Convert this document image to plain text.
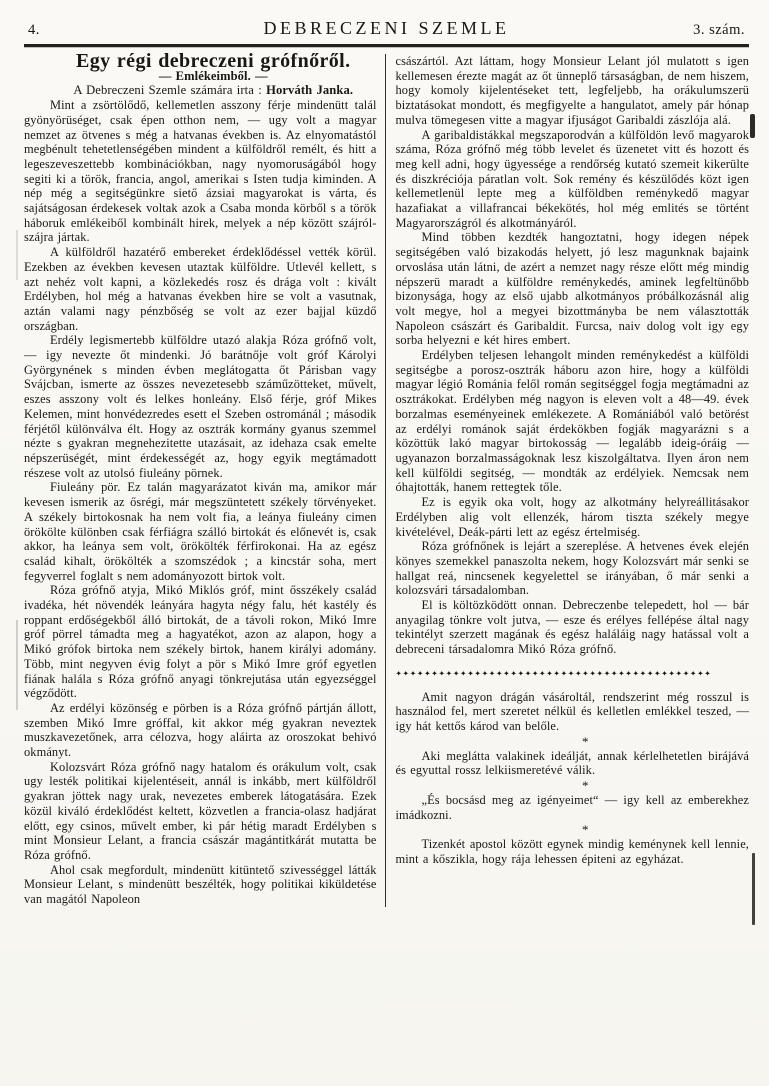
4.	DEBRECZENI SZEMLE	3. szám.

Egy régi debreczeni grófnőről.

— Emlékeimből. —

A Debreczeni Szemle számára irta : Horváth Janka.

Mint a zsörtölődő, kellemetlen asszony férje mindenütt talál gyönyörüséget, csak épen otthon nem, — ugy volt a magyar nemzet az ötvenes s még a hatvanas években is. Az elnyomatástól megbénult tehetetlenségében mindent a külföldről remélt, és hitt a legeszeveszettebb kombinációkban, nagy nyomoruságából hogy segiti ki a török, francia, angol, amerikai s Isten tudja kiminden. A nép még a segitségünkre siető ázsiai magyarokat is várta, és sajátságosan érdekesek voltak azok a Csaba monda körből s a török háboruk emlékeiből kombinált hirek, melyek a nép között szájról-szájra jártak.

A külföldről hazatérő embereket érdeklődéssel vették körül. Ezekben az években kevesen utaztak külföldre. Utlevél kellett, s azt nehéz volt kapni, a közlekedés rosz és drága volt : kivált Erdélyben, hol még a hatvanas években hire se volt a vasutnak, aztán valami nagy pénzbőség se volt az ezer bajjal küzdő országban.

Erdély legismertebb külföldre utazó alakja Róza grófnő volt, — igy nevezte őt mindenki. Jó barátnője volt gróf Károlyi Györgynének s minden évben meglátogatta őt Párisban vagy Svájcban, ismerte az összes nevezetesebb száműzötteket, művelt, eszes asszony volt és lelkes honleány. Első férje, gróf Mikes Kelemen, mint honvédezredes esett el Szeben ostrománál ; második férjétől különválva élt. Hogy az osztrák kormány gyanus szemmel nézte s gyakran megnehezitette utazásait, az idehaza csak emelte népszerüségét, mint érdekességét az, hogy egyik megtámadott részese volt az utolsó fiuleány pörnek.

Fiuleány pör. Ez talán magyarázatot kiván ma, amikor már kevesen ismerik az ősrégi, már megszüntetett székely törvényeket. A székely birtokosnak ha nem volt fia, a leánya fiuleány cimen örökölte különben csak férfiágra szálló birtokát és előnevét is, csak akkor, ha leánya sem volt, örökölték férfirokonai. Ha az egész család kihalt, örökölték a szomszédok ; a kincstár soha, mert fegyverrel foglalt s nem adományozott birtok volt.

Róza grófnő atyja, Mikó Miklós gróf, mint ősszékely család ivadéka, hét növendék leányára hagyta négy falu, hét kastély és roppant erdőségekből álló birtokát, de a távoli rokon, Mikó Imre gróf pörrel támadta meg a hagyatékot, azon az alapon, hogy a Mikó grófok birtoka nem székely birtok, hanem királyi adomány. Több, mint negyven évig folyt a pör s Mikó Imre gróf egyetlen fiának halála s Róza grófnő anyagi tönkrejutása után egyezséggel végződött.

Az erdélyi közönség e pörben is a Róza grófnő pártján állott, szemben Mikó Imre gróffal, kit akkor még gyakran neveztek muszkavezetőnek, arra célozva, hogy aláirta az oroszokat behivó okmányt.

Kolozsvárt Róza grófnő nagy hatalom és orákulum volt, csak ugy lesték politikai kijelentéseit, annál is inkább, mert külföldről gyakran jöttek nagy urak, nevezetes emberek látogatására. Ezek közül kiváló érdeklődést keltett, közvetlen a francia-olasz hadjárat előtt, egy csinos, művelt ember, ki pár hétig maradt Erdélyben s mint Monsieur Lelant, a francia császár magántitkárát mutatta be Róza grófnő.

Ahol csak megfordult, mindenütt kitüntető szivességgel látták Monsieur Lelant, s mindenütt beszélték, hogy politikai kiküldetése van magától Napoleon

császártól. Azt láttam, hogy Monsieur Lelant jól mulatott s igen kellemesen érezte magát az őt ünneplő társaságban, de nem hiszem, hogy komoly kijelentéseket tett, legfeljebb, ha orákulumszerü biztatásokat mondott, és megfigyelte a hangulatot, amely pár hónap mulva tömegesen vitte a magyar ifjuságot Garibaldi zászlója alá.

A garibaldistákkal megszaporodván a külföldön levő magyarok száma, Róza grófnő még több levelet és üzenetet vitt és hozott és meg kell adni, hogy ügyessége a rendőrség kutató szemeit kikerülte és diszkréciója páratlan volt. Sok remény és készülődés közt igen kellemetlenül lepte meg a külföldben reménykedő magyar hazafiakat a villafrancai békekötés, hol még emlités se történt Magyarországról és alkotmányáról.

Mind többen kezdték hangoztatni, hogy idegen népek segitségében való bizakodás helyett, jó lesz magunknak bajaink orvoslása után látni, de azért a nemzet nagy része előtt még mindig népszerü maradt a külföldre reménykedés, aminek legfeltünőbb bizonysága, hogy az első ujabb alkotmányos próbálkozásnál alig volt megye, hol a megyei bizottmányba be nem választották Napoleon császárt és Garibaldit. Furcsa, naiv dolog volt igy egy sorba helyezni e két hires embert.

Erdélyben teljesen lehangolt minden reménykedést a külföldi segitségbe a porosz-osztrák háboru azon hire, hogy a külföldi magyar légió Románia felől román segitséggel fogja megtámadni az osztrákokat. Erdélyben még nagyon is eleven volt a 48—49. évek borzalmas eseményeinek emlékezete. A Romániából való betörést az erdélyi románok saját érdekökben fogják magyarázni s a közöttük lakó magyar birtokosság — legalább ideig-óráig — ugyanazon borzalmasságoknak lesz kiszolgáltatva. Ilyen áron nem kell külföldi segitség, — mondták az erdélyiek. Nemcsak nem óhajtották, hanem rettegtek tőle.

Ez is egyik oka volt, hogy az alkotmány helyreállitásakor Erdélyben alig volt ellenzék, három tiszta székely megye kivételével, Deák-párti lett az egész értelmiség.

Róza grófnőnek is lejárt a szereplése. A hetvenes évek elején könyes szemekkel panaszolta nekem, hogy Kolozsvárt már senki se hallgat reá, nincsenek kegyelettel se irányában, ő már senki a kolozsvári társadalomban.

El is költözködött onnan. Debreczenbe telepedett, hol — bár anyagilag tönkre volt jutva, — esze és erélyes fellépése által nagy tekintélyt szerzett magának és egész haláláig nagy hatással volt a debreceni társadalomra Mikó Róza grófnő.

✦✦✦✦✦✦✦✦✦✦✦✦✦✦✦✦✦✦✦✦✦✦✦✦✦✦✦✦✦✦✦✦✦✦✦✦✦✦✦✦✦✦✦✦

Amit nagyon drágán vásároltál, rendszerint még rosszul is használod fel, mert szeretet nélkül és kelletlen emlékkel teszed, — igy hát kettős károd van belőle.

*

Aki meglátta valakinek ideálját, annak kérlelhetetlen birájává és egyuttal rossz lelkiismeretévé válik.

*

„És bocsásd meg az igényeimet“ — igy kell az emberekhez imádkozni.

*

Tizenkét apostol között egynek mindig keménynek kell lennie, mint a kőszikla, hogy rája lehessen épiteni az egyházat.
